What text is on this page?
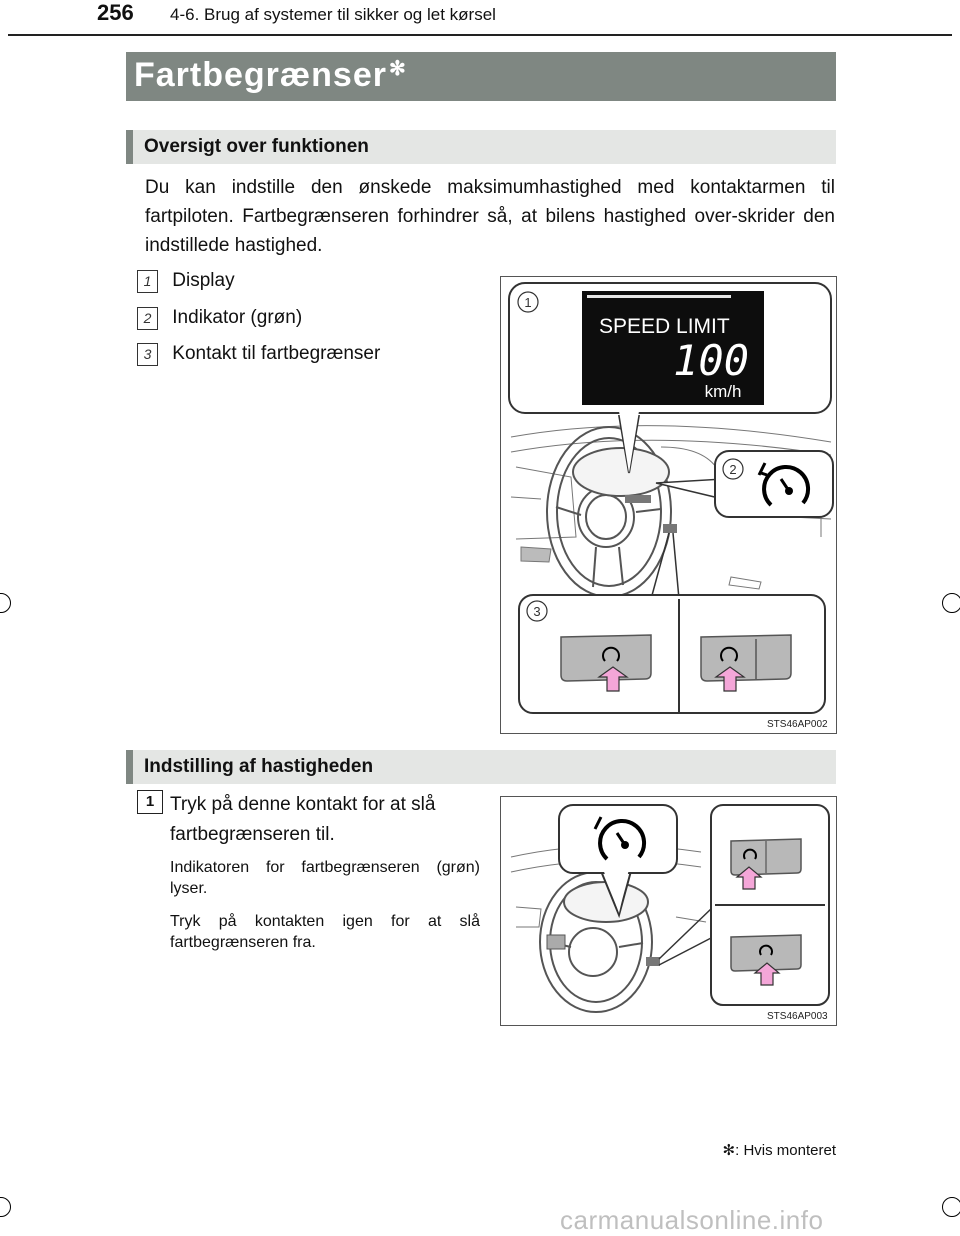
256 4-6. Brug af systemer til sikker og let kørsel
Fartbegrænser ✻
Oversigt over funktionen
Du kan indstille den ønskede maksimumhastighed med kontaktarmen til fartpiloten. Fartbegrænseren forhindrer så, at bilens hastighed over-skrider den indstillede hastighed.
1 Display
2 Indikator (grøn)
3 Kontakt til fartbegrænser
1
SPEED LIMIT
100
km/h
2
3
STS46AP002
Indstilling af hastigheden
1 Tryk på denne kontakt for at slå fartbegrænseren til.
Indikatoren for fartbegrænseren (grøn) lyser.
Tryk på kontakten igen for at slå fartbegrænseren fra.
STS46AP003
✻: Hvis monteret
carmanualsonline.info
